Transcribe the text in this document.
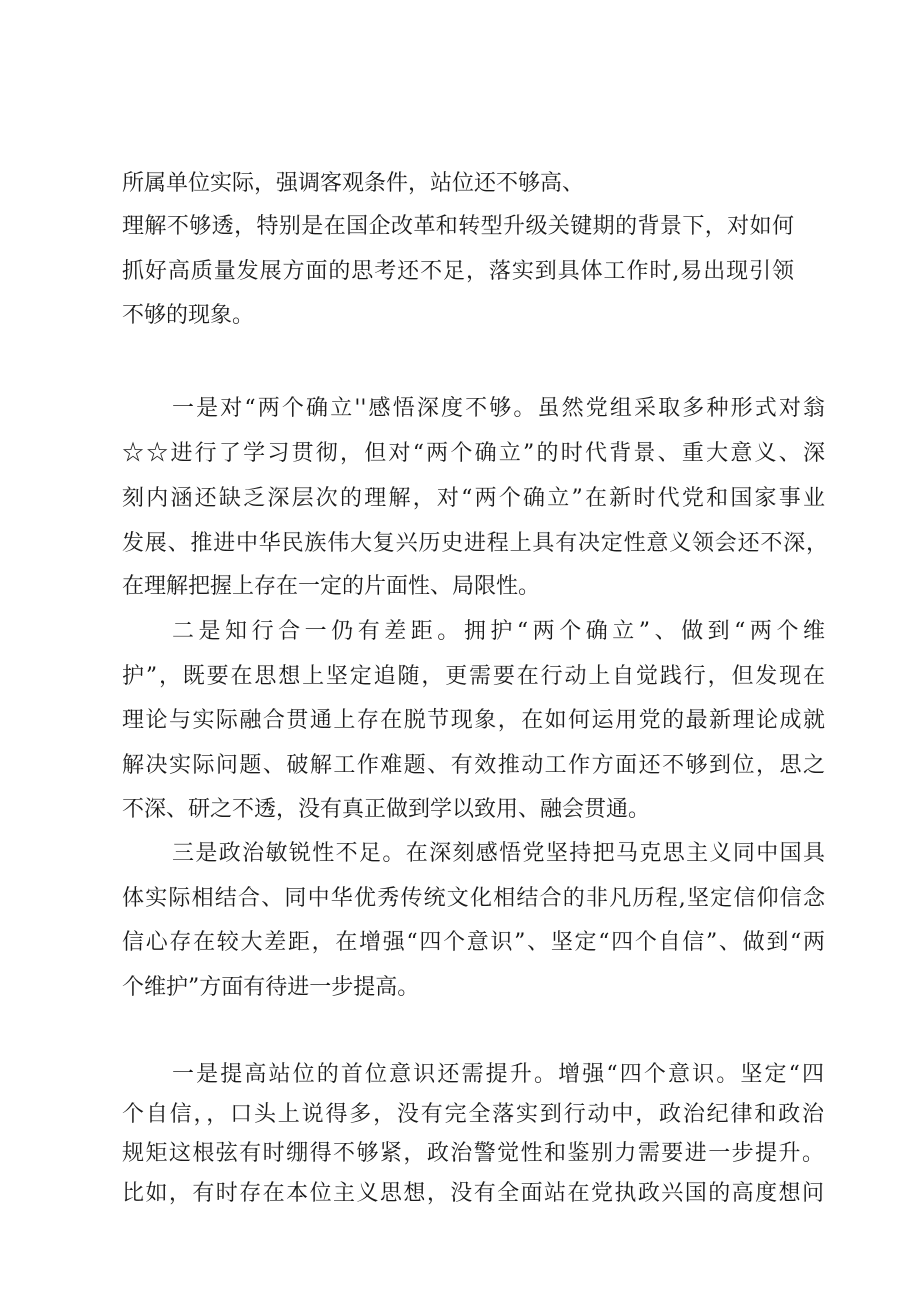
所属单位实际，强调客观条件，站位还不够高、
理解不够透，特别是在国企改革和转型升级关键期的背景下，对如何
抓好高质量发展方面的思考还不足，落实到具体工作时,易出现引领
不够的现象。
一是对“两个确立''感悟深度不够。虽然党组采取多种形式对翁
☆☆进行了学习贯彻，但对“两个确立”的时代背景、重大意义、深
刻内涵还缺乏深层次的理解，对“两个确立”在新时代党和国家事业
发展、推进中华民族伟大复兴历史进程上具有决定性意义领会还不深，
在理解把握上存在一定的片面性、局限性。
二是知行合一仍有差距。拥护“两个确立”、做到“两个维
护”，既要在思想上坚定追随，更需要在行动上自觉践行，但发现在
理论与实际融合贯通上存在脱节现象，在如何运用党的最新理论成就
解决实际问题、破解工作难题、有效推动工作方面还不够到位，思之
不深、研之不透，没有真正做到学以致用、融会贯通。
三是政治敏锐性不足。在深刻感悟党坚持把马克思主义同中国具
体实际相结合、同中华优秀传统文化相结合的非凡历程,坚定信仰信念
信心存在较大差距，在增强“四个意识”、坚定“四个自信”、做到“两
个维护”方面有待进一步提高。
一是提高站位的首位意识还需提升。增强“四个意识。坚定“四
个自信，，口头上说得多，没有完全落实到行动中，政治纪律和政治
规矩这根弦有时绷得不够紧，政治警觉性和鉴别力需要进一步提升。
比如，有时存在本位主义思想，没有全面站在党执政兴国的高度想问
